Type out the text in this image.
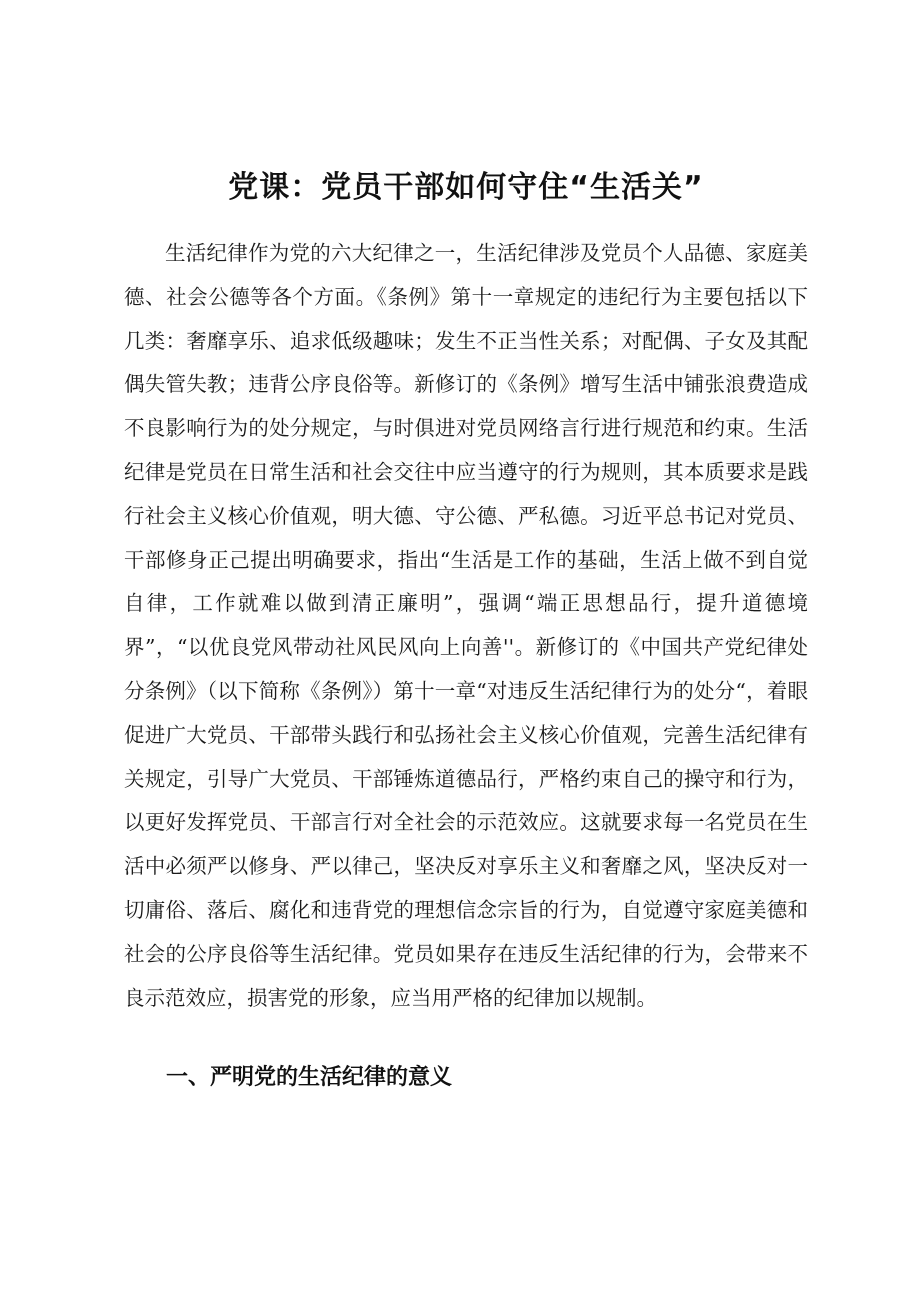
党课：党员干部如何守住“生活关”

生活纪律作为党的六大纪律之一，生活纪律涉及党员个人品德、家庭美德、社会公德等各个方面。《条例》第十一章规定的违纪行为主要包括以下几类：奢靡享乐、追求低级趣味；发生不正当性关系；对配偶、子女及其配偶失管失教；违背公序良俗等。新修订的《条例》增写生活中铺张浪费造成不良影响行为的处分规定，与时俱进对党员网络言行进行规范和约束。生活纪律是党员在日常生活和社会交往中应当遵守的行为规则，其本质要求是践行社会主义核心价值观，明大德、守公德、严私德。习近平总书记对党员、干部修身正己提出明确要求，指出“生活是工作的基础，生活上做不到自觉自律，工作就难以做到清正廉明”，强调“端正思想品行，提升道德境界”，“以优良党风带动社风民风向上向善''。新修订的《中国共产党纪律处分条例》（以下简称《条例》）第十一章“对违反生活纪律行为的处分“，着眼促进广大党员、干部带头践行和弘扬社会主义核心价值观，完善生活纪律有关规定，引导广大党员、干部锤炼道德品行，严格约束自己的操守和行为，以更好发挥党员、干部言行对全社会的示范效应。这就要求每一名党员在生活中必须严以修身、严以律己，坚决反对享乐主义和奢靡之风，坚决反对一切庸俗、落后、腐化和违背党的理想信念宗旨的行为，自觉遵守家庭美德和社会的公序良俗等生活纪律。党员如果存在违反生活纪律的行为，会带来不良示范效应，损害党的形象，应当用严格的纪律加以规制。

一、严明党的生活纪律的意义
